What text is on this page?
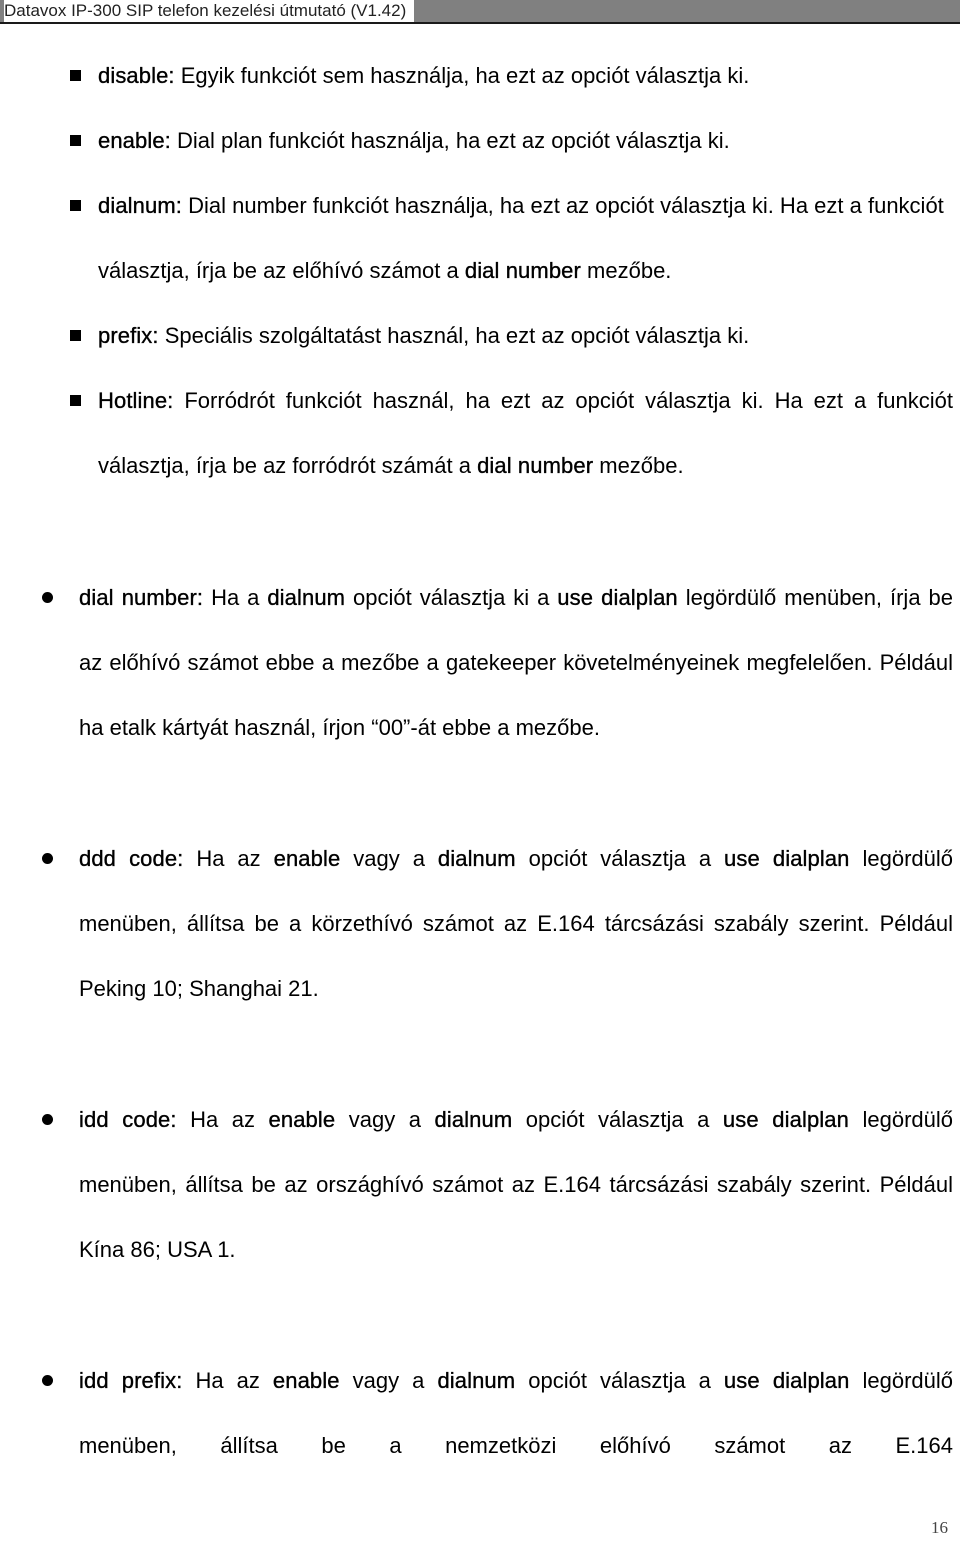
Datavox IP-300 SIP telefon kezelési útmutató (V1.42)

disable: Egyik funkciót sem használja, ha ezt az opciót választja ki.

enable: Dial plan funkciót használja, ha ezt az opciót választja ki.

dialnum: Dial number funkciót használja, ha ezt az opciót választja ki. Ha ezt a funkciót választja, írja be az előhívó számot a dial number mezőbe.

prefix: Speciális szolgáltatást használ, ha ezt az opciót választja ki.

Hotline: Forródrót funkciót használ, ha ezt az opciót választja ki. Ha ezt a funkciót választja, írja be az forródrót számát a dial number mezőbe.

dial number: Ha a dialnum opciót választja ki a use dialplan legördülő menüben, írja be az előhívó számot ebbe a mezőbe a gatekeeper követelményeinek megfelelően. Például ha etalk kártyát használ, írjon “00”-át ebbe a mezőbe.

ddd code: Ha az enable vagy a dialnum opciót választja a use dialplan legördülő menüben, állítsa be a körzethívó számot az E.164 tárcsázási szabály szerint. Például Peking 10; Shanghai 21.

idd code: Ha az enable vagy a dialnum opciót választja a use dialplan legördülő menüben, állítsa be az országhívó számot az E.164 tárcsázási szabály szerint. Például Kína 86; USA 1.

idd prefix: Ha az enable vagy a dialnum opciót választja a use dialplan legördülő menüben, állítsa be a nemzetközi előhívó számot az E.164

16
